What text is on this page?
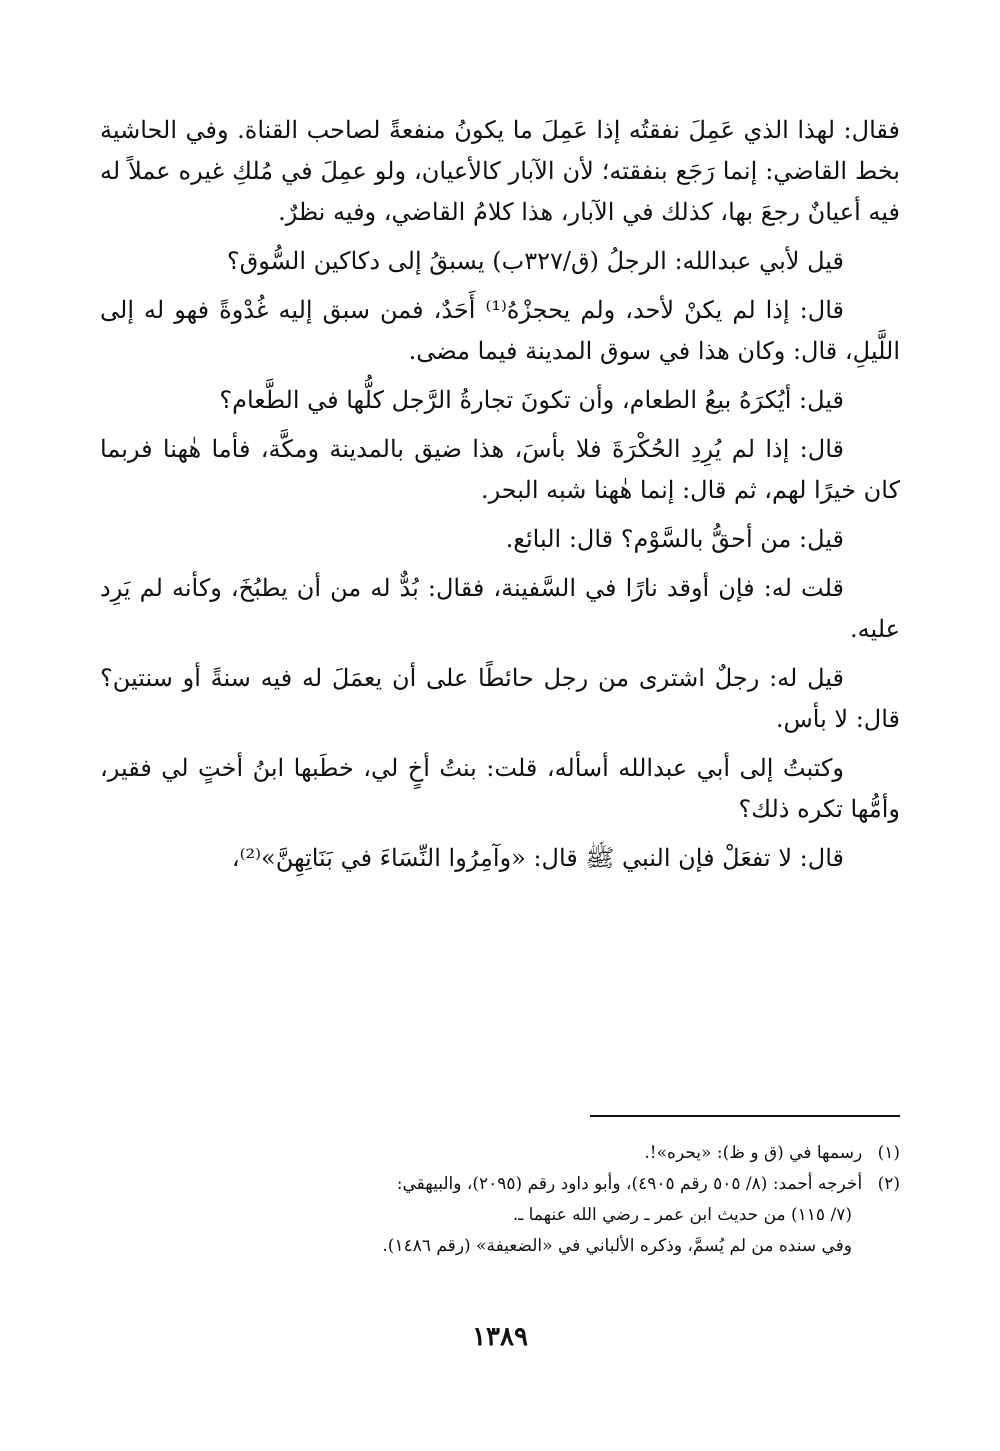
فقال: لهذا الذي عَمِلَ نفقتُه إذا عَمِلَ ما يكونُ منفعةً لصاحب القناة. وفي الحاشية بخط القاضي: إنما رَجَع بنفقته؛ لأن الآبار كالأعيان، ولو عمِلَ في مُلكِ غيره عملاً له فيه أعيانٌ رجعَ بها، كذلك في الآبار، هذا كلامُ القاضي، وفيه نظرٌ.

قيل لأبي عبدالله: الرجلُ (ق/٣٢٧ب) يسبقُ إلى دكاكين السُّوق؟

قال: إذا لم يكنْ لأحد، ولم يحجزْهُ⁽¹⁾ أَحَدٌ، فمن سبق إليه غُدْوةً فهو له إلى اللَّيلِ، قال: وكان هذا في سوق المدينة فيما مضى.

قيل: أيُكرَهُ بيعُ الطعام، وأن تكونَ تجارةُ الرَّجل كلُّها في الطَّعام؟

قال: إذا لم يُرِدِ الحُكْرَةَ فلا بأسَ، هذا ضيق بالمدينة ومكَّة، فأما هٰهنا فربما كان خيرًا لهم، ثم قال: إنما هٰهنا شبه البحر.

قيل: من أحقُّ بالسَّوْم؟ قال: البائع.

قلت له: فإن أوقد نارًا في السَّفينة، فقال: بُدٌّ له من أن يطبُخَ، وكأنه لم يَرِد عليه.

قيل له: رجلٌ اشترى من رجل حائطًا على أن يعمَلَ له فيه سنةً أو سنتين؟ قال: لا بأس.

وكتبتُ إلى أبي عبدالله أسأله، قلت: بنتُ أخٍ لي، خطَبها ابنُ أختٍ لي فقير، وأمُّها تكره ذلك؟

قال: لا تفعَلْ فإن النبي ﷺ قال: «وآمِرُوا النِّسَاءَ في بَنَاتِهِنَّ»⁽²⁾،

(١) رسمها في (ق و ظ): «يحره»!.

(٢) أخرجه أحمد: (٨/ ٥٠٥ رقم ٤٩٠٥)، وأبو داود رقم (٢٠٩٥)، والبيهقي:

(٧/ ١١٥) من حديث ابن عمر ـ رضي الله عنهما ـ.

وفي سنده من لم يُسمَّ، وذكره الألباني في «الضعيفة» (رقم ١٤٨٦).

١٣٨٩
